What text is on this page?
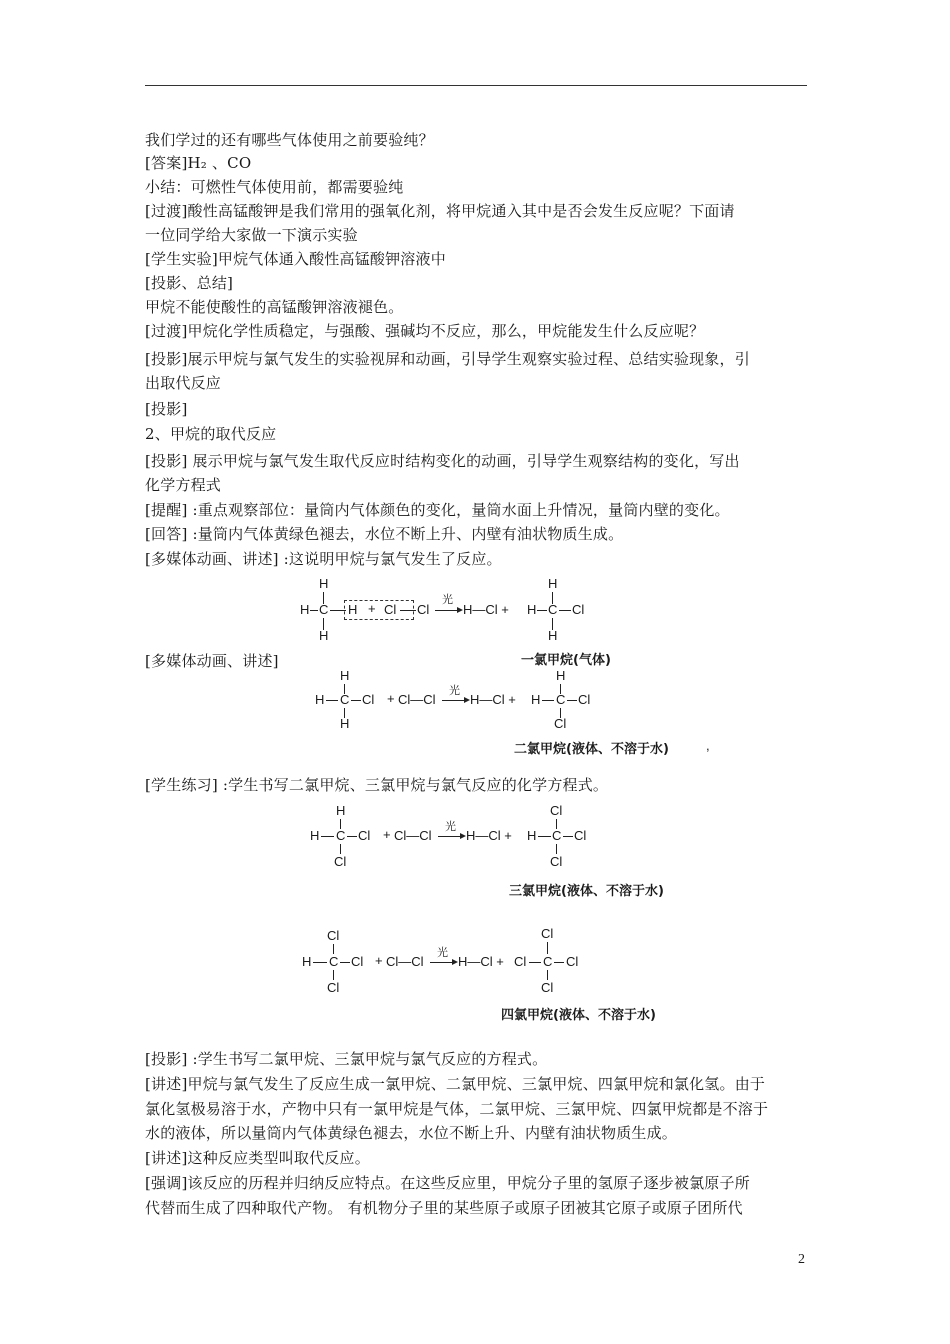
我们学过的还有哪些气体使用之前要验纯？
[答案]H₂ 、CO
小结：可燃性气体使用前，都需要验纯
[过渡]酸性高锰酸钾是我们常用的强氧化剂，将甲烷通入其中是否会发生反应呢？下面请
一位同学给大家做一下演示实验
[学生实验]甲烷气体通入酸性高锰酸钾溶液中
[投影、总结]
甲烷不能使酸性的高锰酸钾溶液褪色。
[过渡]甲烷化学性质稳定，与强酸、强碱均不反应，那么，甲烷能发生什么反应呢？
[投影]展示甲烷与氯气发生的实验视屏和动画，引导学生观察实验过程、总结实验现象，引
出取代反应
[投影]
2、甲烷的取代反应
[投影] 展示甲烷与氯气发生取代反应时结构变化的动画，引导学生观察结构的变化，写出
化学方程式
[提醒] :重点观察部位：量筒内气体颜色的变化，量筒水面上升情况，量筒内壁的变化。
[回答] :量筒内气体黄绿色褪去，水位不断上升、内壁有油状物质生成。
[多媒体动画、讲述] :这说明甲烷与氯气发生了反应。
H
H C H + Cl Cl
H
光
H—Cl +
H
H C Cl
H
一氯甲烷(气体)
[多媒体动画、讲述]
H
H C Cl
H
+ Cl—Cl
光
H—Cl +
H
H C Cl
Cl
二氯甲烷(液体、不溶于水)	,
[学生练习] :学生书写二氯甲烷、三氯甲烷与氯气反应的化学方程式。
H
H C Cl
Cl
+ Cl—Cl
光
H—Cl +
Cl
H C Cl
Cl
三氯甲烷(液体、不溶于水)
Cl
H C Cl
Cl
+ Cl—Cl
光
H—Cl +
Cl
Cl C Cl
Cl
四氯甲烷(液体、不溶于水)
[投影] :学生书写二氯甲烷、三氯甲烷与氯气反应的方程式。
[讲述]甲烷与氯气发生了反应生成一氯甲烷、二氯甲烷、三氯甲烷、四氯甲烷和氯化氢。由于
氯化氢极易溶于水，产物中只有一氯甲烷是气体，二氯甲烷、三氯甲烷、四氯甲烷都是不溶于
水的液体，所以量筒内气体黄绿色褪去，水位不断上升、内壁有油状物质生成。
[讲述]这种反应类型叫取代反应。
[强调]该反应的历程并归纳反应特点。在这些反应里，甲烷分子里的氢原子逐步被氯原子所
代替而生成了四种取代产物。 有机物分子里的某些原子或原子团被其它原子或原子团所代
2
